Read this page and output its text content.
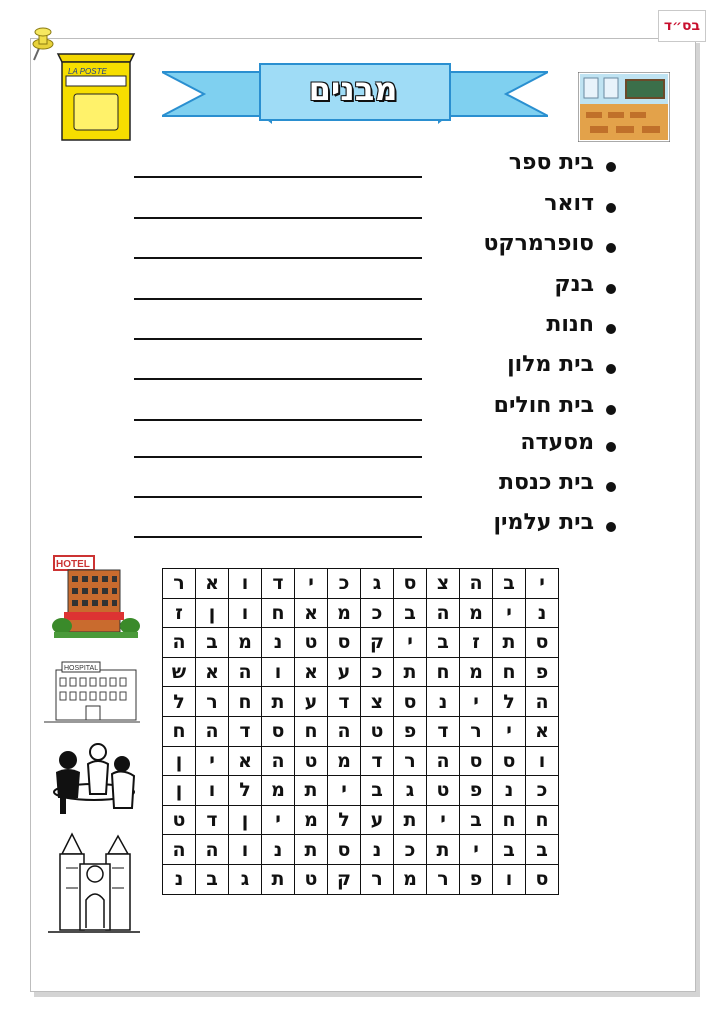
בס״ד
LA POSTE	מבנים
בית ספר
דואר
סופרמרקט
בנק
חנות
בית מלון
בית חולים
מסעדה
בית כנסת
בית עלמין
HOTEL
HOSPITAL
י	ב	ה	צ	ס	ג	כ	י	ד	ו	א	ר
נ	י	מ	ה	ב	כ	מ	א	ח	ו	ן	ז
ס	ת	ז	ב	י	ק	ס	ט	נ	מ	ב	ה
פ	ח	מ	ח	ת	כ	ע	א	ו	ה	א	ש
ה	ל	י	נ	ס	צ	ד	ע	ת	ח	ר	ל
א	י	ר	ד	פ	ט	ה	ח	ס	ד	ה	ח
ו	ס	ס	ה	ר	ד	מ	ט	ה	א	י	ן
כ	נ	פ	ט	ג	ב	י	ת	מ	ל	ו	ן
ח	ח	ב	י	ת	ע	ל	מ	י	ן	ד	ט
ב	ב	י	ת	כ	נ	ס	ת	נ	ו	ה	ה
ס	ו	פ	ר	מ	ר	ק	ט	ת	ג	ב	נ
